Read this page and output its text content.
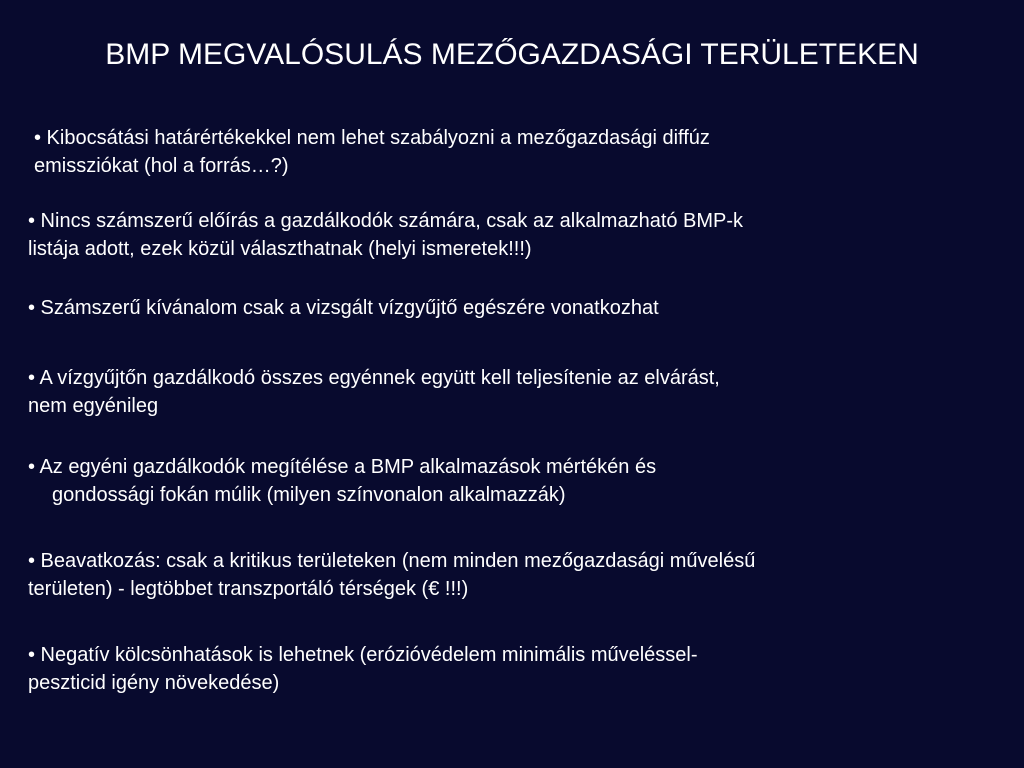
BMP MEGVALÓSULÁS MEZŐGAZDASÁGI TERÜLETEKEN
• Kibocsátási határértékekkel nem lehet szabályozni a mezőgazdasági diffúz
emissziókat (hol a forrás…?)
• Nincs számszerű előírás a gazdálkodók számára, csak az alkalmazható BMP-k
listája adott, ezek közül választhatnak (helyi ismeretek!!!)
• Számszerű kívánalom csak a vizsgált vízgyűjtő egészére vonatkozhat
• A vízgyűjtőn gazdálkodó összes egyénnek együtt kell teljesítenie az elvárást,
nem egyénileg
• Az egyéni gazdálkodók megítélése a BMP alkalmazások mértékén és
gondossági fokán múlik (milyen színvonalon alkalmazzák)
• Beavatkozás: csak a kritikus területeken (nem minden mezőgazdasági művelésű
területen) - legtöbbet transzportáló térségek (€ !!!)
• Negatív kölcsönhatások is lehetnek (erózióvédelem minimális műveléssel-
peszticid igény növekedése)
